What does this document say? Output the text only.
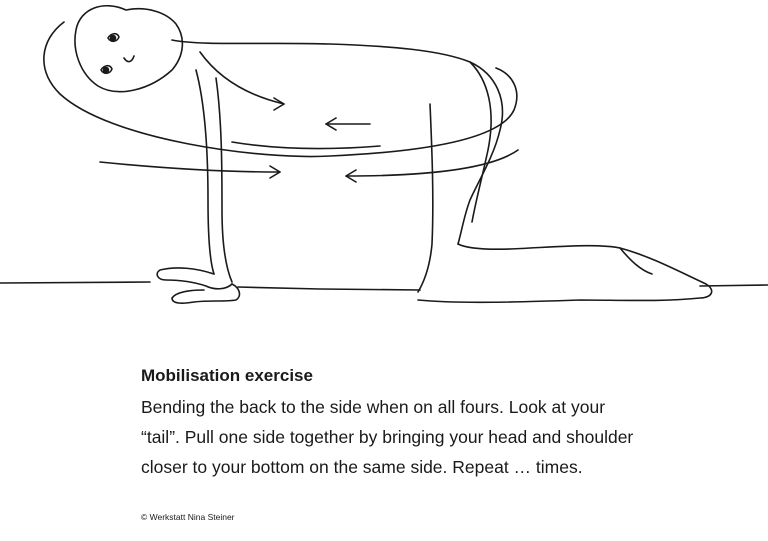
Mobilisation exercise

Bending the back to the side when on all fours. Look at your “tail”. Pull one side together by bringing your head and shoulder closer to your bottom on the same side. Repeat … times.

© Werkstatt Nina Steiner
